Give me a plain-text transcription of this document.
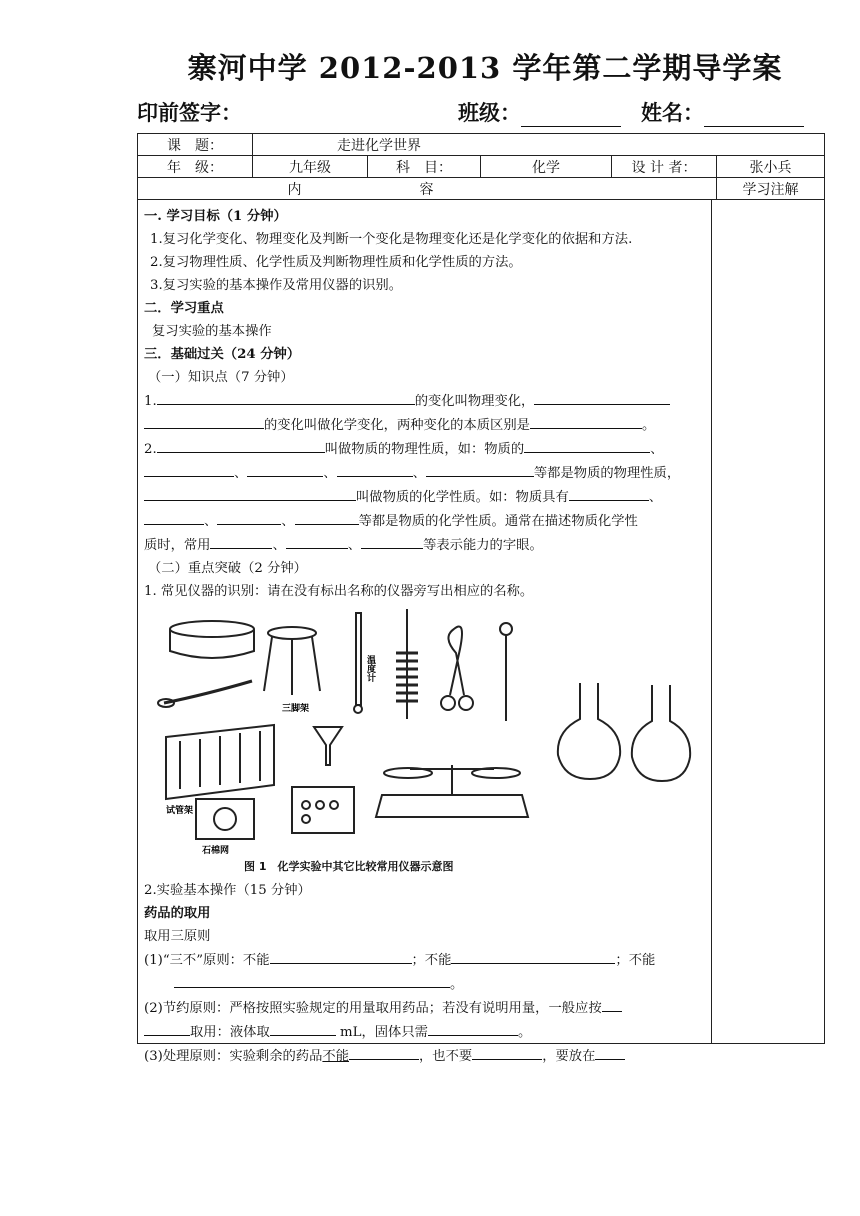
寨河中学 2012-2013 学年第二学期导学案
印前签字：	班级：	姓名：
课　题：	走进化学世界				
年　级：	九年级	科　目：	化学	设 计 者：	张小兵
内		容			学习注解

一. 学习目标（1 分钟）

1.复习化学变化、物理变化及判断一个变化是物理变化还是化学变化的依据和方法.

2.复习物理性质、化学性质及判断物理性质和化学性质的方法。

3.复习实验的基本操作及常用仪器的识别。

二．学习重点

复习实验的基本操作

三．基础过关（24 分钟）

（一）知识点（7 分钟）

1.	的变化叫物理变化，

的变化叫做化学变化，两种变化的本质区别是	。

2.	叫做物质的物理性质，如：物质的	、

、	、	、	等都是物质的物理性质，

叫做物质的化学性质。如：物质具有	、

、	、	等都是物质的化学性质。通常在描述物质化学性

质时，常用	、	、	等表示能力的字眼。

（二）重点突破（2 分钟）

1. 常见仪器的识别：请在没有标出名称的仪器旁写出相应的名称。

三脚架
温度计
试管架
石棉网
图 1　化学实验中其它比较常用仪器示意图

2.实验基本操作（15 分钟）

药品的取用

取用三原则

(1)“三不”原则：不能	；不能	；不能

。

(2)节约原则：严格按照实验规定的用量取用药品；若没有说明用量，一般应按

取用：液体取	mL，固体只需	。

(3)处理原则：实验剩余的药品不能	，也不要	，要放在
